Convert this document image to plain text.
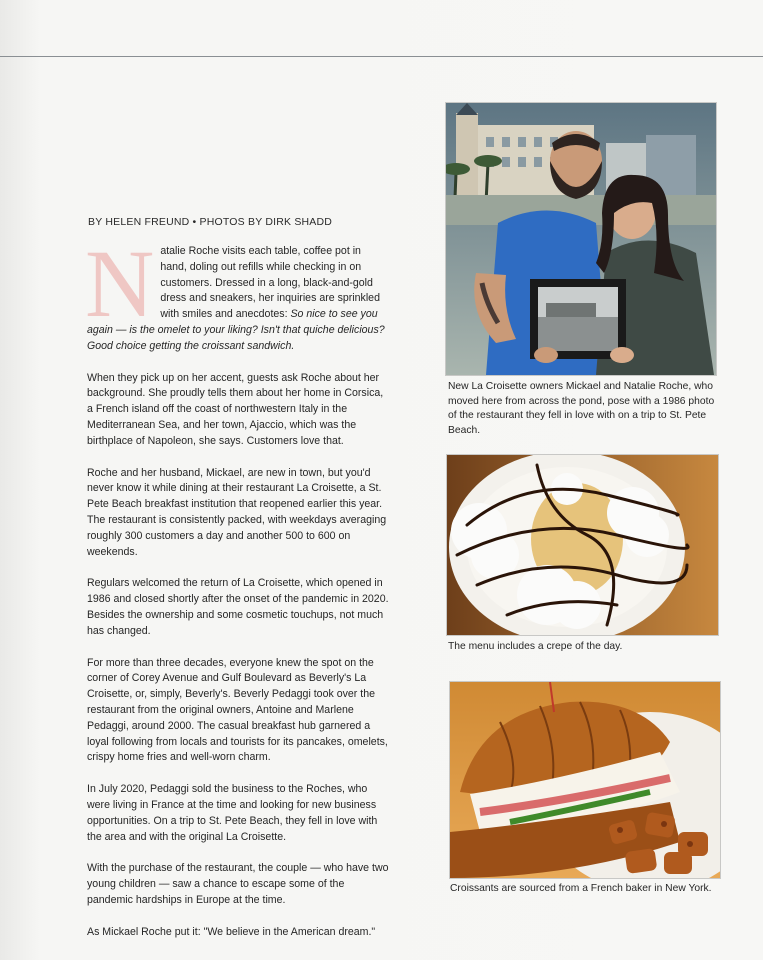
BY HELEN FREUND • PHOTOS BY DIRK SHADD

Natalie Roche visits each table, coffee pot in hand, doling out refills while checking in on customers. Dressed in a long, black-and-gold dress and sneakers, her inquiries are sprinkled with smiles and anecdotes: So nice to see you again — is the omelet to your liking? Isn't that quiche delicious? Good choice getting the croissant sandwich.

When they pick up on her accent, guests ask Roche about her background. She proudly tells them about her home in Corsica, a French island off the coast of northwestern Italy in the Mediterranean Sea, and her town, Ajaccio, which was the birthplace of Napoleon, she says. Customers love that.

Roche and her husband, Mickael, are new in town, but you'd never know it while dining at their restaurant La Croisette, a St. Pete Beach breakfast institution that reopened earlier this year. The restaurant is consistently packed, with weekdays averaging roughly 300 customers a day and another 500 to 600 on weekends.

Regulars welcomed the return of La Croisette, which opened in 1986 and closed shortly after the onset of the pandemic in 2020. Besides the ownership and some cosmetic touchups, not much has changed.

For more than three decades, everyone knew the spot on the corner of Corey Avenue and Gulf Boulevard as Beverly's La Croisette, or, simply, Beverly's. Beverly Pedaggi took over the restaurant from the original owners, Antoine and Marlene Pedaggi, around 2000. The casual breakfast hub garnered a loyal following from locals and tourists for its pancakes, omelets, crispy home fries and well-worn charm.

In July 2020, Pedaggi sold the business to the Roches, who were living in France at the time and looking for new business opportunities. On a trip to St. Pete Beach, they fell in love with the area and with the original La Croisette.

With the purchase of the restaurant, the couple — who have two young children — saw a chance to escape some of the pandemic hardships in Europe at the time.

As Mickael Roche put it: "We believe in the American dream."

New La Croisette owners Mickael and Natalie Roche, who moved here from across the pond, pose with a 1986 photo of the restaurant they fell in love with on a trip to St. Pete Beach.
The menu includes a crepe of the day.
Croissants are sourced from a French baker in New York.
